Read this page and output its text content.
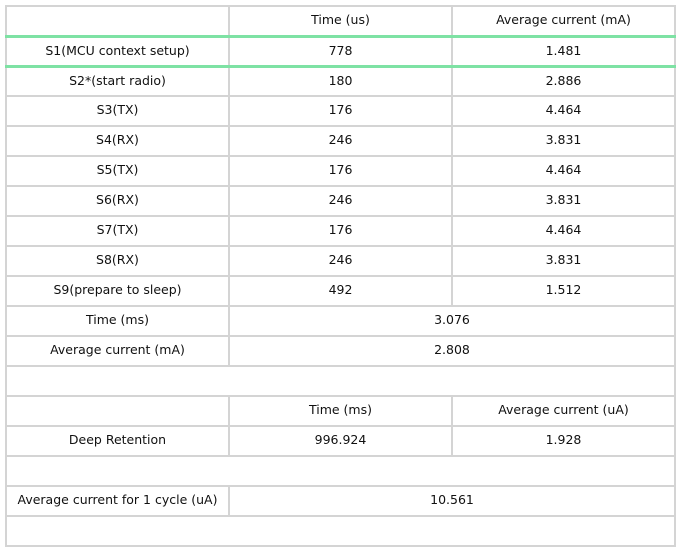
	Time (us)	Average current (mA)
S1(MCU context setup)	778	1.481
S2*(start radio)	180	2.886
S3(TX)	176	4.464
S4(RX)	246	3.831
S5(TX)	176	4.464
S6(RX)	246	3.831
S7(TX)	176	4.464
S8(RX)	246	3.831
S9(prepare to sleep)	492	1.512
Time (ms)	3.076	
Average current (mA)	2.808	

	Time (ms)	Average current (uA)
Deep Retention	996.924	1.928

Average current for 1 cycle (uA)	10.561	
